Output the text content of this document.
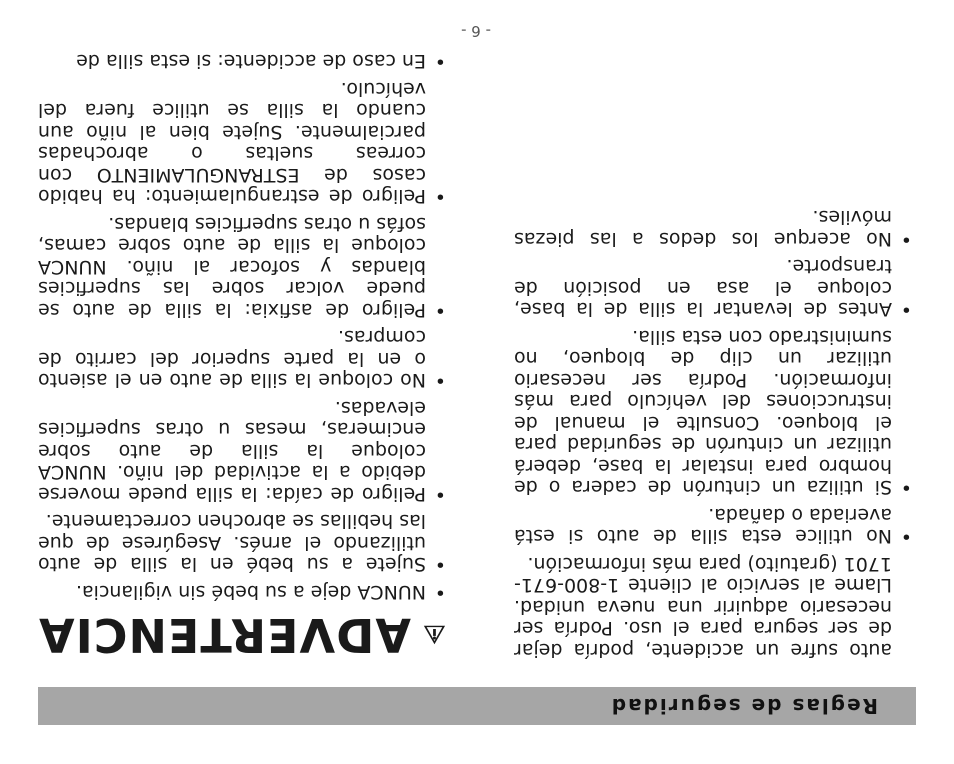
Reglas de seguridad
auto sufre un accidente, podría dejar de ser segura para el uso. Podría ser necesario adquirir una nueva unidad. Llame al servicio al cliente 1-800-671-1701 (gratuito) para más información.
•
No utilice esta silla de auto si está averiada o dañada.
•
Si utiliza un cinturón de cadera o de hombro para instalar la base, deberá utilizar un cinturón de seguridad para el bloqueo. Consulte el manual de instrucciones del vehículo para más información. Podría ser necesario utilizar un clip de bloqueo, no suministrado con esta silla.
•
Antes de levantar la silla de la base, coloque el asa en posición de transporte.
•
No acerque los dedos a las piezas móviles.
ADVERTENCIA
•
NUNCA deje a su bebé sin vigilancia.
•
Sujete a su bebé en la silla de auto utilizando el arnés. Asegúrese de que las hebillas se abrochen correctamente.
•
Peligro de caída: la silla puede moverse debido a la actividad del niño. NUNCA coloque la silla de auto sobre encimeras, mesas u otras superficies elevadas.
•
No coloque la silla de auto en el asiento o en la parte superior del carrito de compras.
•
Peligro de asfixia: la silla de auto se puede volcar sobre las superficies blandas y sofocar al niño. NUNCA coloque la silla de auto sobre camas, sofás u otras superficies blandas.
•
Peligro de estrangulamiento: ha habido casos de ESTRANGULAMIENTO con correas sueltas o abrochadas parcialmente. Sujete bien al niño aun cuando la silla se utilice fuera del vehículo.
•
En caso de accidente: si esta silla de
- 6 -
